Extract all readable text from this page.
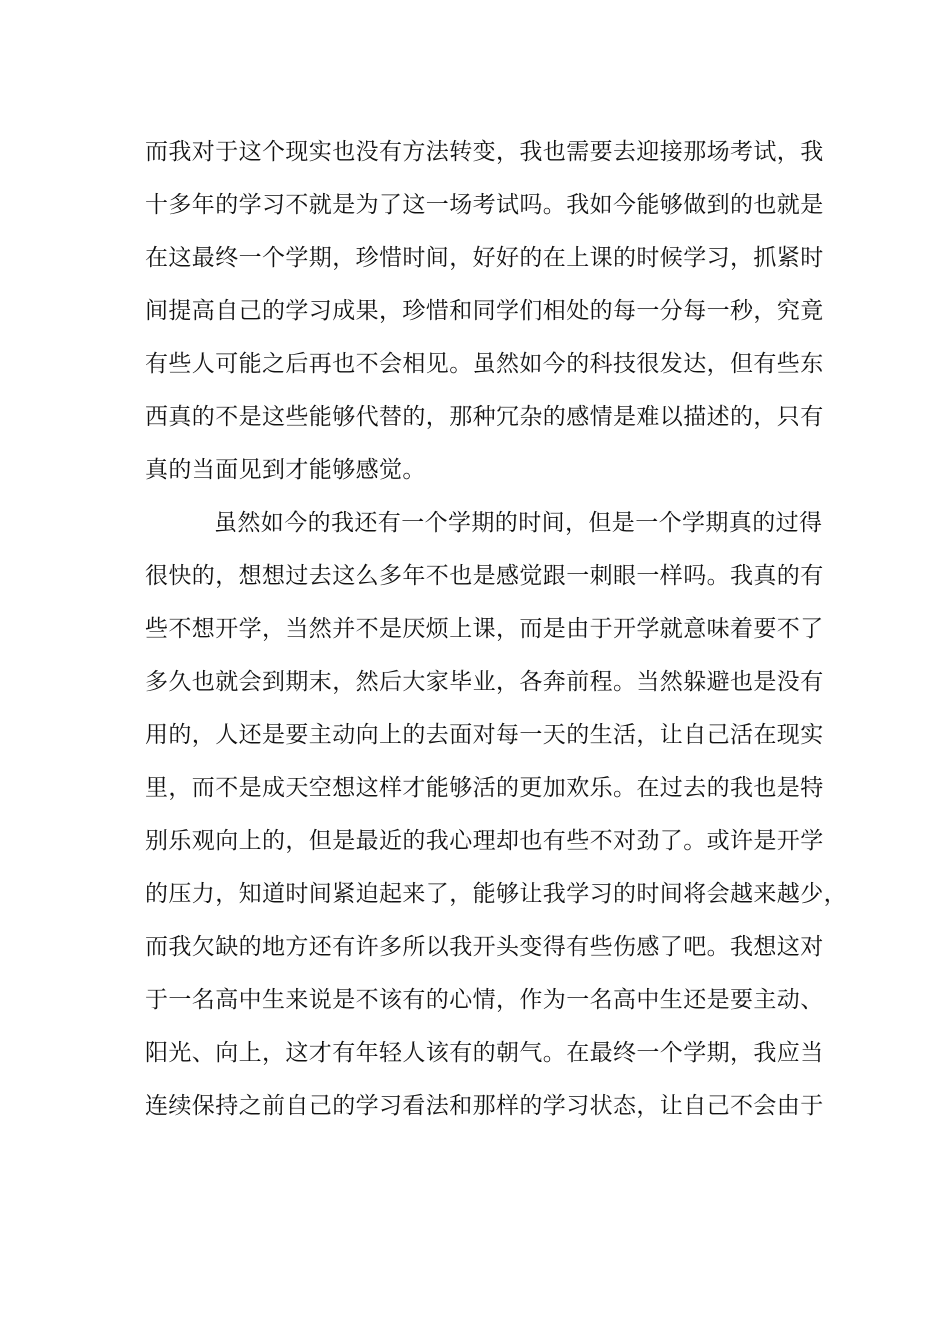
而我对于这个现实也没有方法转变，我也需要去迎接那场考试，我
十多年的学习不就是为了这一场考试吗。我如今能够做到的也就是
在这最终一个学期，珍惜时间，好好的在上课的时候学习，抓紧时
间提高自己的学习成果，珍惜和同学们相处的每一分每一秒，究竟
有些人可能之后再也不会相见。虽然如今的科技很发达，但有些东
西真的不是这些能够代替的，那种冗杂的感情是难以描述的，只有
真的当面见到才能够感觉。
虽然如今的我还有一个学期的时间，但是一个学期真的过得
很快的，想想过去这么多年不也是感觉跟一刺眼一样吗。我真的有
些不想开学，当然并不是厌烦上课，而是由于开学就意味着要不了
多久也就会到期末，然后大家毕业，各奔前程。当然躲避也是没有
用的，人还是要主动向上的去面对每一天的生活，让自己活在现实
里，而不是成天空想这样才能够活的更加欢乐。在过去的我也是特
别乐观向上的，但是最近的我心理却也有些不对劲了。或许是开学
的压力，知道时间紧迫起来了，能够让我学习的时间将会越来越少，
而我欠缺的地方还有许多所以我开头变得有些伤感了吧。我想这对
于一名高中生来说是不该有的心情，作为一名高中生还是要主动、
阳光、向上，这才有年轻人该有的朝气。在最终一个学期，我应当
连续保持之前自己的学习看法和那样的学习状态，让自己不会由于
